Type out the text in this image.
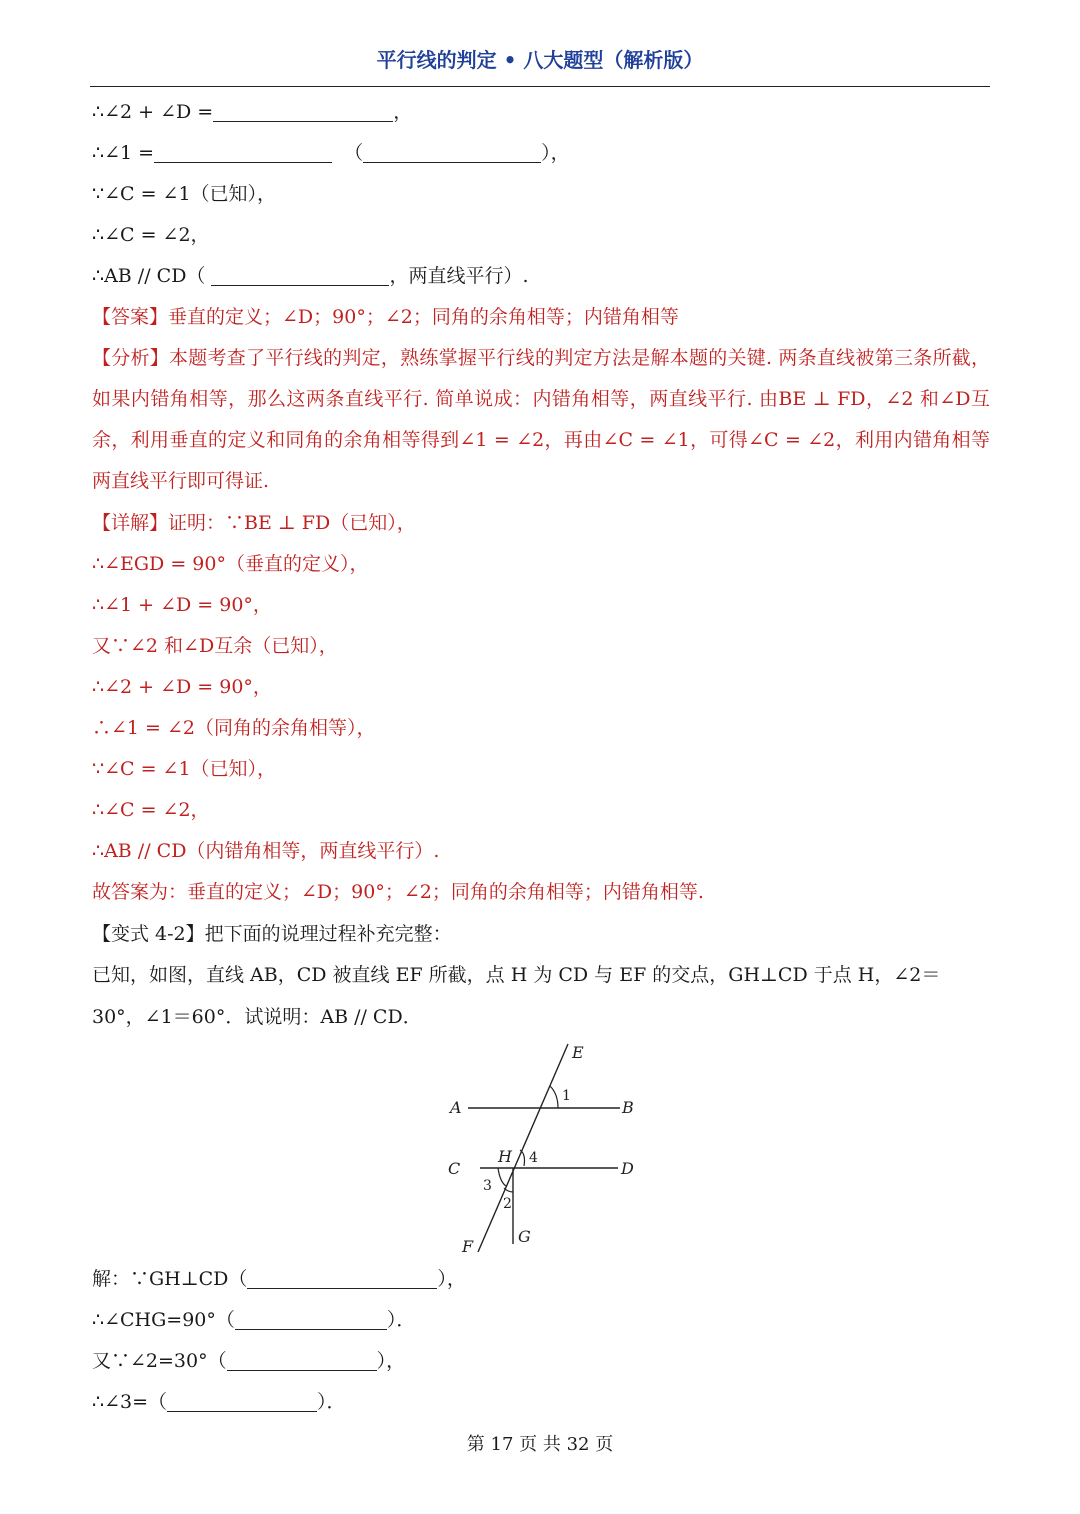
平行线的判定 • 八大题型（解析版）
∴∠2 + ∠D =	，
∴∠1 =	（	），
∵∠C = ∠1（已知），
∴∠C = ∠2，
∴AB // CD（	，两直线平行）.
【答案】垂直的定义；∠D；90°；∠2；同角的余角相等；内错角相等
【分析】本题考查了平行线的判定，熟练掌握平行线的判定方法是解本题的关键. 两条直线被第三条所截，如果内错角相等，那么这两条直线平行. 简单说成：内错角相等，两直线平行. 由BE ⊥ FD，∠2 和∠D互余，利用垂直的定义和同角的余角相等得到∠1 = ∠2，再由∠C = ∠1，可得∠C = ∠2，利用内错角相等两直线平行即可得证.
【详解】证明：∵BE ⊥ FD（已知），
∴∠EGD = 90°（垂直的定义），
∴∠1 + ∠D = 90°，
又∵∠2 和∠D互余（已知），
∴∠2 + ∠D = 90°，
∴∠1 = ∠2（同角的余角相等），
∵∠C = ∠1（已知），
∴∠C = ∠2，
∴AB // CD（内错角相等，两直线平行）.
故答案为：垂直的定义；∠D；90°；∠2；同角的余角相等；内错角相等.
【变式 4-2】把下面的说理过程补充完整：
已知，如图，直线 AB，CD 被直线 EF 所截，点 H 为 CD 与 EF 的交点，GH⊥CD 于点 H，∠2＝
30°，∠1＝60°．试说明：AB // CD．
E
A	B
C	D
H
F
G
1
4
3
2
解：∵GH⊥CD（	），
∴∠CHG=90°（	）．
又∵∠2=30°（	），
∴∠3=（	）．
第 17 页 共 32 页
